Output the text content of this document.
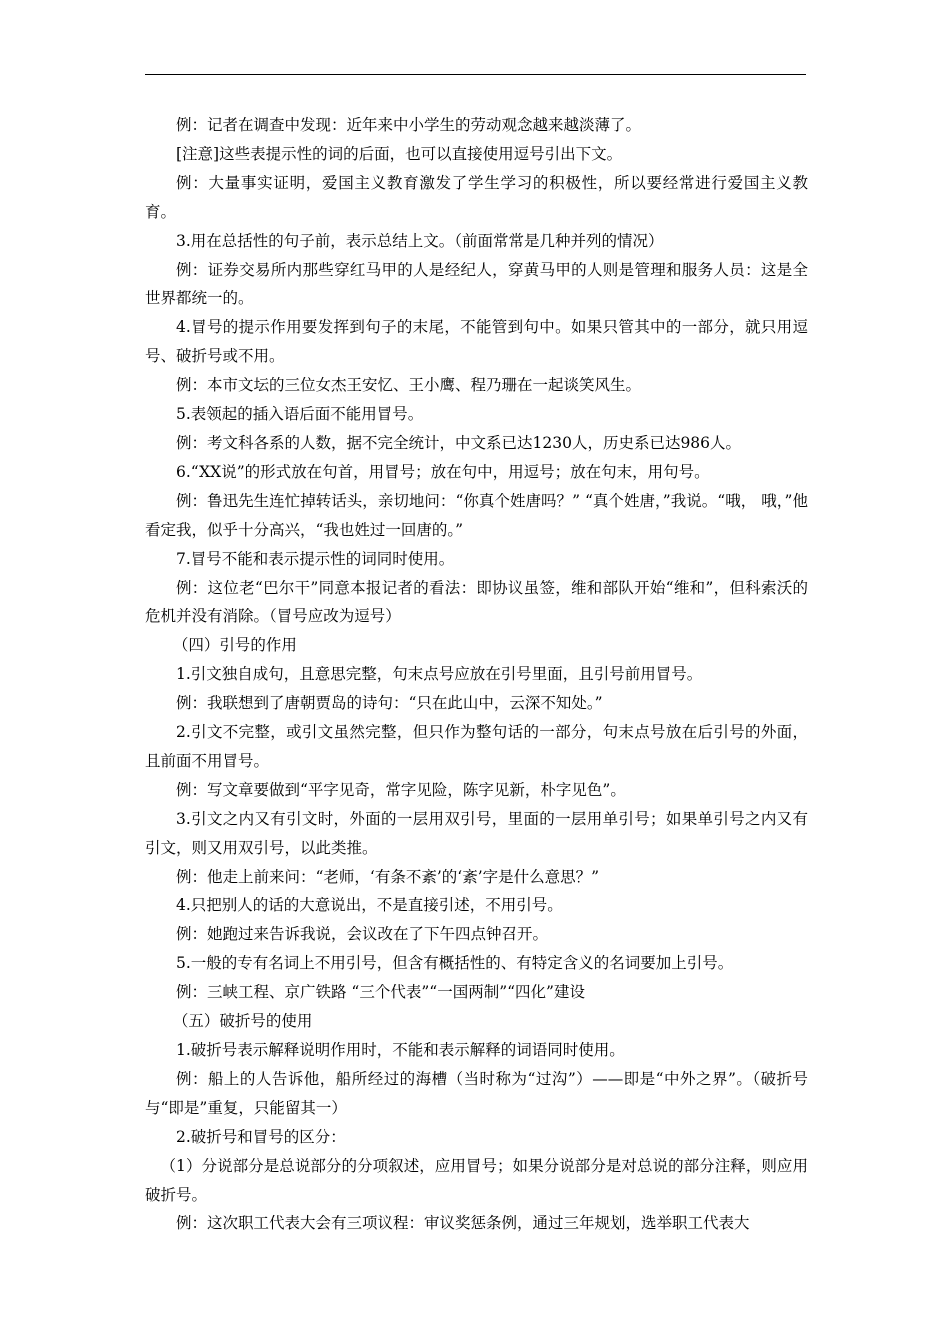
例：记者在调查中发现：近年来中小学生的劳动观念越来越淡薄了。

[注意]这些表提示性的词的后面，也可以直接使用逗号引出下文。

例：大量事实证明，爱国主义教育激发了学生学习的积极性，所以要经常进行爱国主义教育。

3.用在总括性的句子前，表示总结上文。（前面常常是几种并列的情况）

例：证券交易所内那些穿红马甲的人是经纪人，穿黄马甲的人则是管理和服务人员：这是全世界都统一的。

4.冒号的提示作用要发挥到句子的末尾，不能管到句中。如果只管其中的一部分，就只用逗号、破折号或不用。

例：本市文坛的三位女杰王安忆、王小鹰、程乃珊在一起谈笑风生。

5.表领起的插入语后面不能用冒号。

例：考文科各系的人数，据不完全统计，中文系已达1230人，历史系已达986人。

6.“XX说”的形式放在句首，用冒号；放在句中，用逗号；放在句末，用句号。

例：鲁迅先生连忙掉转话头，亲切地问：“你真个姓唐吗？” “真个姓唐，”我说。“哦， 哦，”他看定我，似乎十分高兴，“我也姓过一回唐的。”

7.冒号不能和表示提示性的词同时使用。

例：这位老“巴尔干”同意本报记者的看法：即协议虽签，维和部队开始“维和”，但科索沃的危机并没有消除。（冒号应改为逗号）

（四）引号的作用

1.引文独自成句，且意思完整，句末点号应放在引号里面，且引号前用冒号。

例：我联想到了唐朝贾岛的诗句：“只在此山中，云深不知处。”

2.引文不完整，或引文虽然完整，但只作为整句话的一部分，句末点号放在后引号的外面，且前面不用冒号。

例：写文章要做到“平字见奇，常字见险，陈字见新，朴字见色”。

3.引文之内又有引文时，外面的一层用双引号，里面的一层用单引号；如果单引号之内又有引文，则又用双引号，以此类推。

例：他走上前来问：“老师，‘有条不紊’的‘紊’字是什么意思？”

4.只把别人的话的大意说出，不是直接引述，不用引号。

例：她跑过来告诉我说，会议改在了下午四点钟召开。

5.一般的专有名词上不用引号，但含有概括性的、有特定含义的名词要加上引号。

例：三峡工程、京广铁路 “三个代表”“一国两制”“四化”建设

（五）破折号的使用

1.破折号表示解释说明作用时，不能和表示解释的词语同时使用。

例：船上的人告诉他，船所经过的海槽（当时称为“过沟”）——即是“中外之界”。（破折号与“即是”重复，只能留其一）

2.破折号和冒号的区分：

（1）分说部分是总说部分的分项叙述，应用冒号；如果分说部分是对总说的部分注释，则应用破折号。

例：这次职工代表大会有三项议程：审议奖惩条例，通过三年规划，选举职工代表大
